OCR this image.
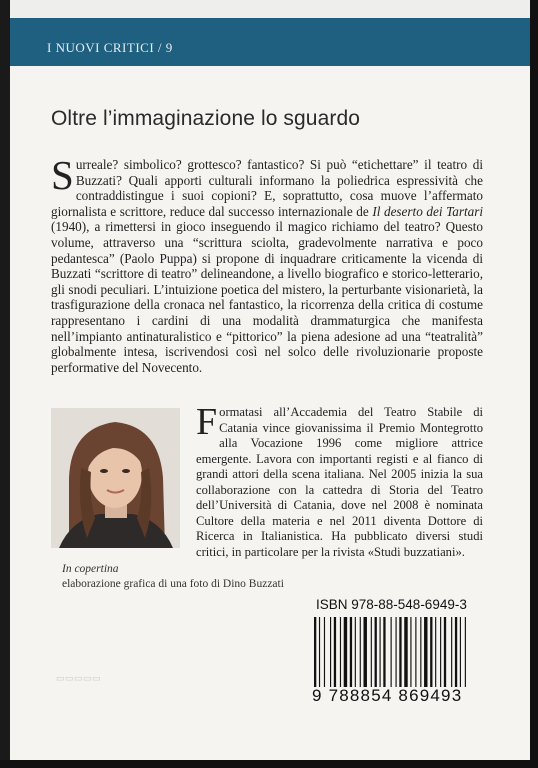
I NUOVI CRITICI / 9
Oltre l’immaginazione lo sguardo
Surreale? simbolico? grottesco? fantastico? Si può “etichettare” il teatro di Buzzati? Quali apporti culturali informano la poliedrica espressività che contraddistingue i suoi copioni? E, soprattutto, cosa muove l’affermato giornalista e scrittore, reduce dal successo internazionale de Il deserto dei Tartari (1940), a rimettersi in gioco inseguendo il magico richiamo del teatro? Questo volume, attraverso una “scrittura sciolta, gradevolmente narrativa e poco pedantesca” (Paolo Puppa) si propone di inquadrare criticamente la vicenda di Buzzati “scrittore di teatro” delineandone, a livello biografico e storico-letterario, gli snodi peculiari. L’intuizione poetica del mistero, la perturbante visionarietà, la trasfigurazione della cronaca nel fantastico, la ricorrenza della critica di costume rappresentano i cardini di una modalità drammaturgica che manifesta nell’impianto antinaturalistico e “pittorico” la piena adesione ad una “teatralità” globalmente intesa, iscrivendosi così nel solco delle rivoluzionarie proposte performative del Novecento.
Formatasi all’Accademia del Teatro Stabile di Catania vince giovanissima il Premio Montegrotto alla Vocazione 1996 come migliore attrice emergente. Lavora con importanti registi e al fianco di grandi attori della scena italiana. Nel 2005 inizia la sua collaborazione con la cattedra di Storia del Teatro dell’Università di Catania, dove nel 2008 è nominata Cultore della materia e nel 2011 diventa Dottore di Ricerca in Italianistica. Ha pubblicato diversi studi critici, in particolare per la rivista «Studi buzzatiani».
In copertina
elaborazione grafica di una foto di Dino Buzzati
ISBN 978-88-548-6949-3
9 788854 869493
▭▭▭▭▭
